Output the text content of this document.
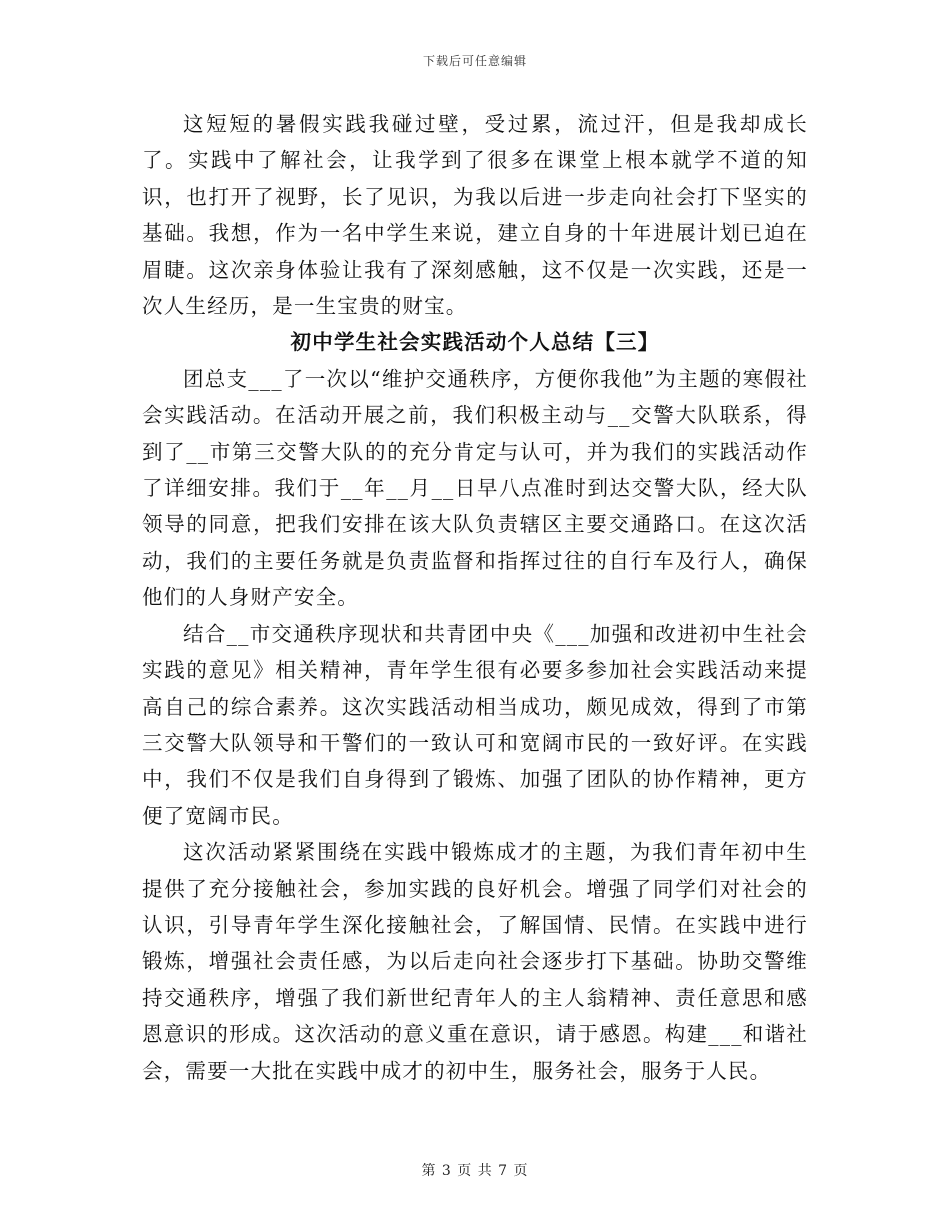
下载后可任意编辑

这短短的暑假实践我碰过壁，受过累，流过汗，但是我却成长了。实践中了解社会，让我学到了很多在课堂上根本就学不道的知识，也打开了视野，长了见识，为我以后进一步走向社会打下坚实的基础。我想，作为一名中学生来说，建立自身的十年进展计划已迫在眉睫。这次亲身体验让我有了深刻感触，这不仅是一次实践，还是一次人生经历，是一生宝贵的财宝。

初中学生社会实践活动个人总结【三】

团总支___了一次以“维护交通秩序，方便你我他”为主题的寒假社会实践活动。在活动开展之前，我们积极主动与__交警大队联系，得到了__市第三交警大队的的充分肯定与认可，并为我们的实践活动作了详细安排。我们于__年__月__日早八点准时到达交警大队，经大队领导的同意，把我们安排在该大队负责辖区主要交通路口。在这次活动，我们的主要任务就是负责监督和指挥过往的自行车及行人，确保他们的人身财产安全。

结合__市交通秩序现状和共青团中央《___加强和改进初中生社会实践的意见》相关精神，青年学生很有必要多参加社会实践活动来提高自己的综合素养。这次实践活动相当成功，颇见成效，得到了市第三交警大队领导和干警们的一致认可和宽阔市民的一致好评。在实践中，我们不仅是我们自身得到了锻炼、加强了团队的协作精神，更方便了宽阔市民。

这次活动紧紧围绕在实践中锻炼成才的主题，为我们青年初中生提供了充分接触社会，参加实践的良好机会。增强了同学们对社会的认识，引导青年学生深化接触社会，了解国情、民情。在实践中进行锻炼，增强社会责任感，为以后走向社会逐步打下基础。协助交警维持交通秩序，增强了我们新世纪青年人的主人翁精神、责任意思和感恩意识的形成。这次活动的意义重在意识，请于感恩。构建___和谐社会，需要一大批在实践中成才的初中生，服务社会，服务于人民。

第 3 页 共 7 页
